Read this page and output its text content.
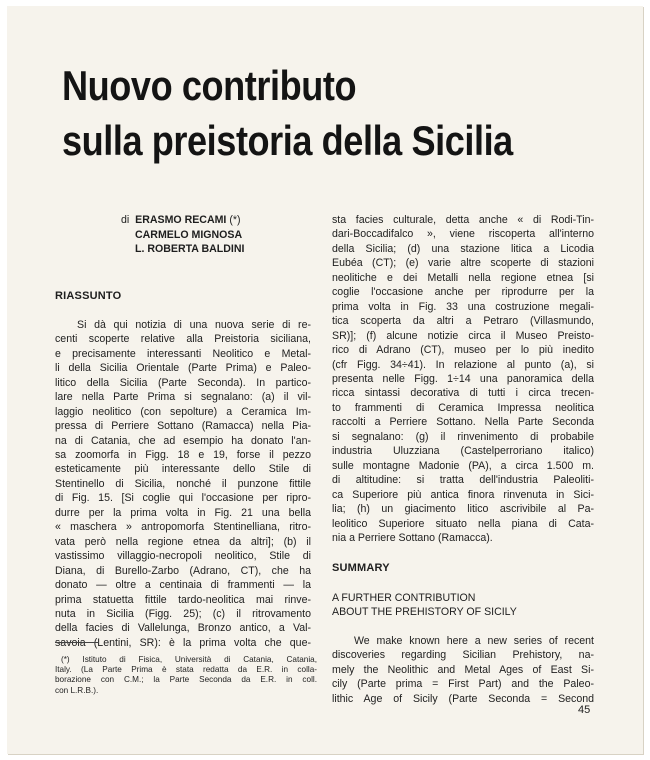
Nuovo contributo
sulla preistoria della Sicilia
di ERASMO RECAMI (*)
CARMELO MIGNOSA
L. ROBERTA BALDINI

RIASSUNTO

Si dà qui notizia di una nuova serie di re-
centi scoperte relative alla Preistoria siciliana,
e precisamente interessanti Neolitico e Metal-
li della Sicilia Orientale (Parte Prima) e Paleo-
litico della Sicilia (Parte Seconda). In partico-
lare nella Parte Prima si segnalano: (a) il vil-
laggio neolitico (con sepolture) a Ceramica Im-
pressa di Perriere Sottano (Ramacca) nella Pia-
na di Catania, che ad esempio ha donato l'an-
sa zoomorfa in Figg. 18 e 19, forse il pezzo
esteticamente più interessante dello Stile di
Stentinello di Sicilia, nonché il punzone fittile
di Fig. 15. [Si coglie qui l'occasione per ripro-
durre per la prima volta in Fig. 21 una bella
« maschera » antropomorfa Stentinelliana, ritro-
vata però nella regione etnea da altri]; (b) il
vastissimo villaggio-necropoli neolitico, Stile di
Diana, di Burello-Zarbo (Adrano, CT), che ha
donato — oltre a centinaia di frammenti — la
prima statuetta fittile tardo-neolitica mai rinve-
nuta in Sicilia (Figg. 25); (c) il ritrovamento
della facies di Vallelunga, Bronzo antico, a Val-
savoia (Lentini, SR): è la prima volta che que-
sta facies culturale, detta anche « di Rodi-Tin-
dari-Boccadifalco », viene riscoperta all'interno
della Sicilia; (d) una stazione litica a Licodia
Eubéa (CT); (e) varie altre scoperte di stazioni
neolitiche e dei Metalli nella regione etnea [si
coglie l'occasione anche per riprodurre per la
prima volta in Fig. 33 una costruzione megali-
tica scoperta da altri a Petraro (Villasmundo,
SR)]; (f) alcune notizie circa il Museo Preisto-
rico di Adrano (CT), museo per lo più inedito
(cfr Figg. 34÷41). In relazione al punto (a), si
presenta nelle Figg. 1÷14 una panoramica della
ricca sintassi decorativa di tutti i circa trecen-
to frammenti di Ceramica Impressa neolitica
raccolti a Perriere Sottano. Nella Parte Seconda
si segnalano: (g) il rinvenimento di probabile
industria Uluzziana (Castelperroriano italico)
sulle montagne Madonie (PA), a circa 1.500 m.
di altitudine: si tratta dell'industria Paleoliti-
ca Superiore più antica finora rinvenuta in Sici-
lia; (h) un giacimento litico ascrivibile al Pa-
leolitico Superiore situato nella piana di Cata-
nia a Perriere Sottano (Ramacca).

SUMMARY

A FURTHER CONTRIBUTION
ABOUT THE PREHISTORY OF SICILY
We make known here a new series of recent
discoveries regarding Sicilian Prehistory, na-
mely the Neolithic and Metal Ages of East Si-
cily (Parte prima = First Part) and the Paleo-
lithic Age of Sicily (Parte Seconda = Second
(*) Istituto di Fisica, Università di Catania, Catania,
Italy. (La Parte Prima è stata redatta da E.R. in colla-
borazione con C.M.; la Parte Seconda da E.R. in coll.
con L.R.B.).
45
